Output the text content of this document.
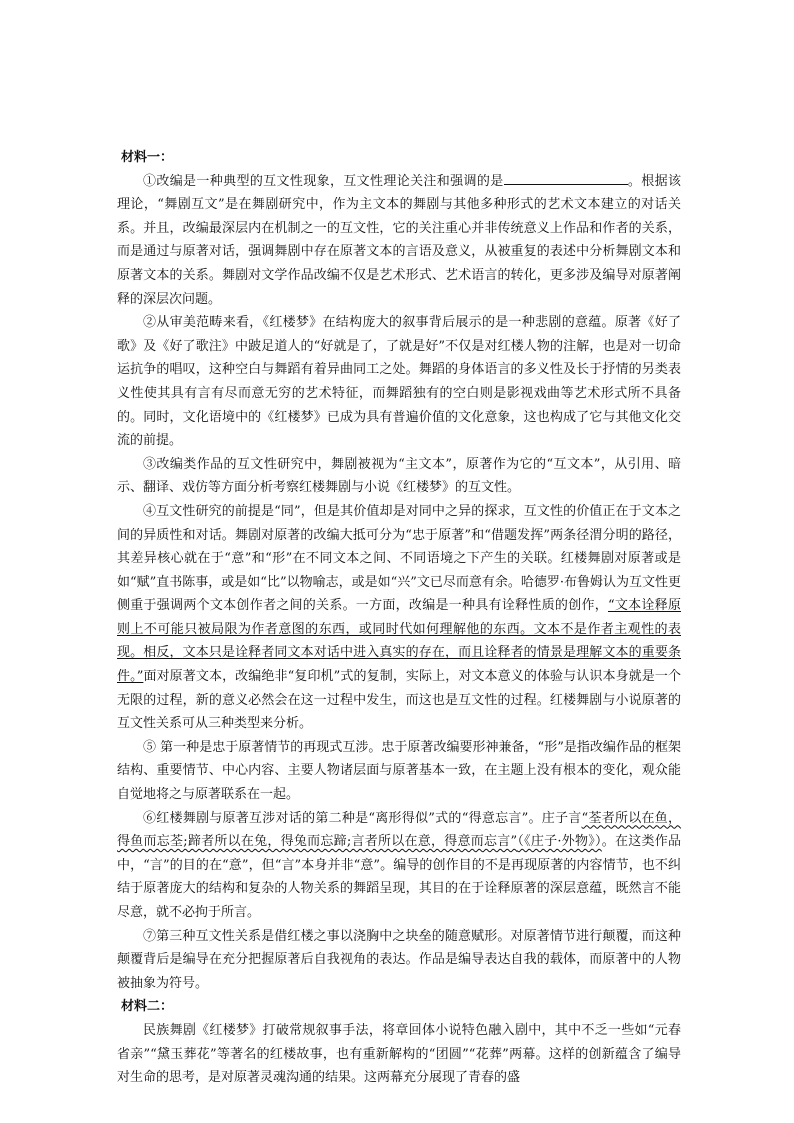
材料一：

①改编是一种典型的互文性现象，互文性理论关注和强调的是	。根据该理论，“舞剧互文”是在舞剧研究中，作为主文本的舞剧与其他多种形式的艺术文本建立的对话关系。并且，改编最深层内在机制之一的互文性，它的关注重心并非传统意义上作品和作者的关系，而是通过与原著对话，强调舞剧中存在原著文本的言语及意义，从被重复的表述中分析舞剧文本和原著文本的关系。舞剧对文学作品改编不仅是艺术形式、艺术语言的转化，更多涉及编导对原著阐释的深层次问题。

②从审美范畴来看，《红楼梦》在结构庞大的叙事背后展示的是一种悲剧的意蕴。原著《好了歌》及《好了歌注》中跛足道人的“好就是了，了就是好”不仅是对红楼人物的注解，也是对一切命运抗争的唱叹，这种空白与舞蹈有着异曲同工之处。舞蹈的身体语言的多义性及长于抒情的另类表义性使其具有言有尽而意无穷的艺术特征，而舞蹈独有的空白则是影视戏曲等艺术形式所不具备的。同时，文化语境中的《红楼梦》已成为具有普遍价值的文化意象，这也构成了它与其他文化交流的前提。

③改编类作品的互文性研究中，舞剧被视为“主文本”，原著作为它的“互文本”，从引用、暗示、翻译、戏仿等方面分析考察红楼舞剧与小说《红楼梦》的互文性。

④互文性研究的前提是“同”，但是其价值却是对同中之异的探求，互文性的价值正在于文本之间的异质性和对话。舞剧对原著的改编大抵可分为“忠于原著”和“借题发挥”两条径渭分明的路径，其差异核心就在于“意”和“形”在不同文本之间、不同语境之下产生的关联。红楼舞剧对原著或是如“赋”直书陈事，或是如“比”以物喻志，或是如“兴”文已尽而意有余。哈德罗·布鲁姆认为互文性更侧重于强调两个文本创作者之间的关系。一方面，改编是一种具有诠释性质的创作，“文本诠释原则上不可能只被局限为作者意图的东西，或同时代如何理解他的东西。文本不是作者主观性的表现。相反，文本只是诠释者同文本对话中进入真实的存在，而且诠释者的情景是理解文本的重要条件。”面对原著文本，改编绝非“复印机”式的复制，实际上，对文本意义的体验与认识本身就是一个无限的过程，新的意义必然会在这一过程中发生，而这也是互文性的过程。红楼舞剧与小说原著的互文性关系可从三种类型来分析。

⑤ 第一种是忠于原著情节的再现式互涉。忠于原著改编要形神兼备，“形”是指改编作品的框架结构、重要情节、中心内容、主要人物诸层面与原著基本一致，在主题上没有根本的变化，观众能自觉地将之与原著联系在一起。

⑥红楼舞剧与原著互涉对话的第二种是“离形得似”式的“得意忘言”。庄子言“荃者所以在鱼，得鱼而忘荃;蹄者所以在兔，得兔而忘蹄;言者所以在意，得意而忘言”（《庄子·外物》）。在这类作品中，“言”的目的在“意”，但“言”本身并非“意”。编导的创作目的不是再现原著的内容情节，也不纠结于原著庞大的结构和复杂的人物关系的舞蹈呈现，其目的在于诠释原著的深层意蕴，既然言不能尽意，就不必拘于所言。

⑦第三种互文性关系是借红楼之事以浇胸中之块垒的随意赋形。对原著情节进行颠覆，而这种颠覆背后是编导在充分把握原著后自我视角的表达。作品是编导表达自我的载体，而原著中的人物被抽象为符号。

材料二：

民族舞剧《红楼梦》打破常规叙事手法，将章回体小说特色融入剧中，其中不乏一些如“元春省亲”“黛玉葬花”等著名的红楼故事，也有重新解构的“团圆”“花葬”两幕。这样的创新蕴含了编导对生命的思考，是对原著灵魂沟通的结果。这两幕充分展现了青春的盛
